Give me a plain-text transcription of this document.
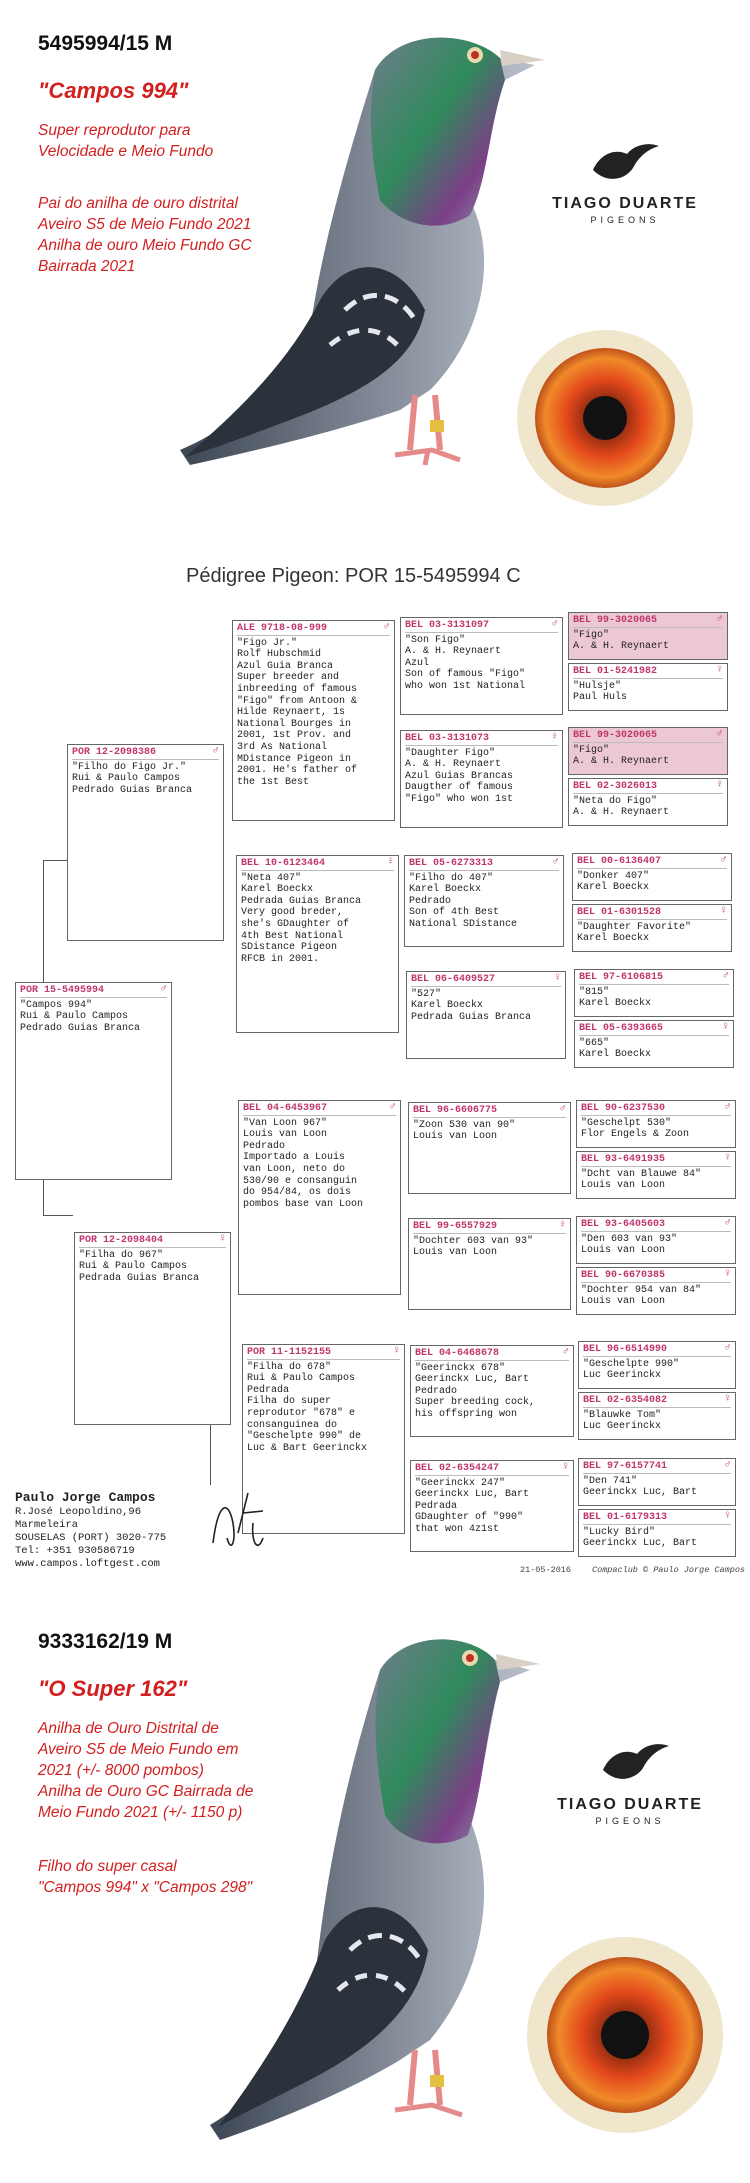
5495994/15 M
"Campos 994"
Super reprodutor para
Velocidade e Meio Fundo
Pai do anilha de ouro distrital
Aveiro S5 de Meio Fundo 2021
Anilha de ouro Meio Fundo GC
Bairrada 2021
TIAGO DUARTE
PIGEONS
Pédigree Pigeon: POR 15-5495994 C
POR 15-5495994	♂
"Campos 994"
Rui & Paulo Campos
Pedrado Guias Branca
POR 12-2098386	♂
"Filho do Figo Jr."
Rui & Paulo Campos
Pedrado Guias Branca
POR 12-2098404	♀
"Filha do 967"
Rui & Paulo Campos
Pedrada Guias Branca
ALE 9718-08-999	♂
"Figo Jr."
Rolf Hubschmid
Azul Guia Branca
Super breeder and
inbreeding of famous
"Figo" from Antoon &
Hilde Reynaert, 1s
National Bourges in
2001, 1st Prov. and
3rd As National
MDistance Pigeon in
2001. He's father of
the 1st Best
BEL 10-6123464	♀
"Neta 407"
Karel Boeckx
Pedrada Guias Branca
Very good breder,
she's GDaughter of
4th Best National
SDistance Pigeon
RFCB in 2001.
BEL 04-6453967	♂
"Van Loon 967"
Louis van Loon
Pedrado
Importado a Louis
van Loon, neto do
530/90 e consanguin
do 954/84, os dois
pombos base van Loon
POR 11-1152155	♀
"Filha do 678"
Rui & Paulo Campos
Pedrada
Filha do super
reprodutor "678" e
consanguinea do
"Geschelpte 990" de
Luc & Bart Geerinckx
BEL 03-3131097	♂
"Son Figo"
A. & H. Reynaert
Azul
Son of famous "Figo"
who won 1st National
BEL 03-3131073	♀
"Daughter Figo"
A. & H. Reynaert
Azul Guias Brancas
Daugther of famous
"Figo" who won 1st
BEL 05-6273313	♂
"Filho do 407"
Karel Boeckx
Pedrado
Son of 4th Best
National SDistance
BEL 06-6409527	♀
"527"
Karel Boeckx
Pedrada Guias Branca
BEL 96-6606775	♂
"Zoon 530 van 90"
Louis van Loon
BEL 99-6557929	♀
"Dochter 603 van 93"
Louis van Loon
BEL 04-6468678	♂
"Geerinckx 678"
Geerinckx Luc, Bart
Pedrado
Super breeding cock,
his offspring won
BEL 02-6354247	♀
"Geerinckx 247"
Geerinckx Luc, Bart
Pedrada
GDaughter of "990"
that won 4z1st
BEL 99-3020065	♂
"Figo"
A. & H. Reynaert
BEL 01-5241982	♀
"Hulsje"
Paul Huls
BEL 99-3020065	♂
"Figo"
A. & H. Reynaert
BEL 02-3026013	♀
"Neta do Figo"
A. & H. Reynaert
BEL 00-6136407	♂
"Donker 407"
Karel Boeckx
BEL 01-6301528	♀
"Daughter Favorite"
Karel Boeckx
BEL 97-6106815	♂
"815"
Karel Boeckx
BEL 05-6393665	♀
"665"
Karel Boeckx
BEL 90-6237530	♂
"Geschelpt 530"
Flor Engels & Zoon
BEL 93-6491935	♀
"Dcht van Blauwe 84"
Louis van Loon
BEL 93-6405603	♂
"Den 603 van 93"
Louis van Loon
BEL 90-6670385	♀
"Dochter 954 van 84"
Louis van Loon
BEL 96-6514990	♂
"Geschelpte 990"
Luc Geerinckx
BEL 02-6354082	♀
"Blauwke Tom"
Luc Geerinckx
BEL 97-6157741	♂
"Den 741"
Geerinckx Luc, Bart
BEL 01-6179313	♀
"Lucky Bird"
Geerinckx Luc, Bart
Paulo Jorge Campos
R.José Leopoldino,96
Marmeleira
SOUSELAS (PORT) 3020-775
Tel: +351 930586719
www.campos.loftgest.com	21-05-2016 Compaclub © Paulo Jorge Campos
9333162/19 M
"O Super 162"
Anilha de Ouro Distrital de
Aveiro S5 de Meio Fundo em
2021 (+/- 8000 pombos)
Anilha de Ouro GC Bairrada de
Meio Fundo 2021 (+/- 1150 p)
Filho do super casal
"Campos 994" x "Campos 298"
TIAGO DUARTE
PIGEONS
